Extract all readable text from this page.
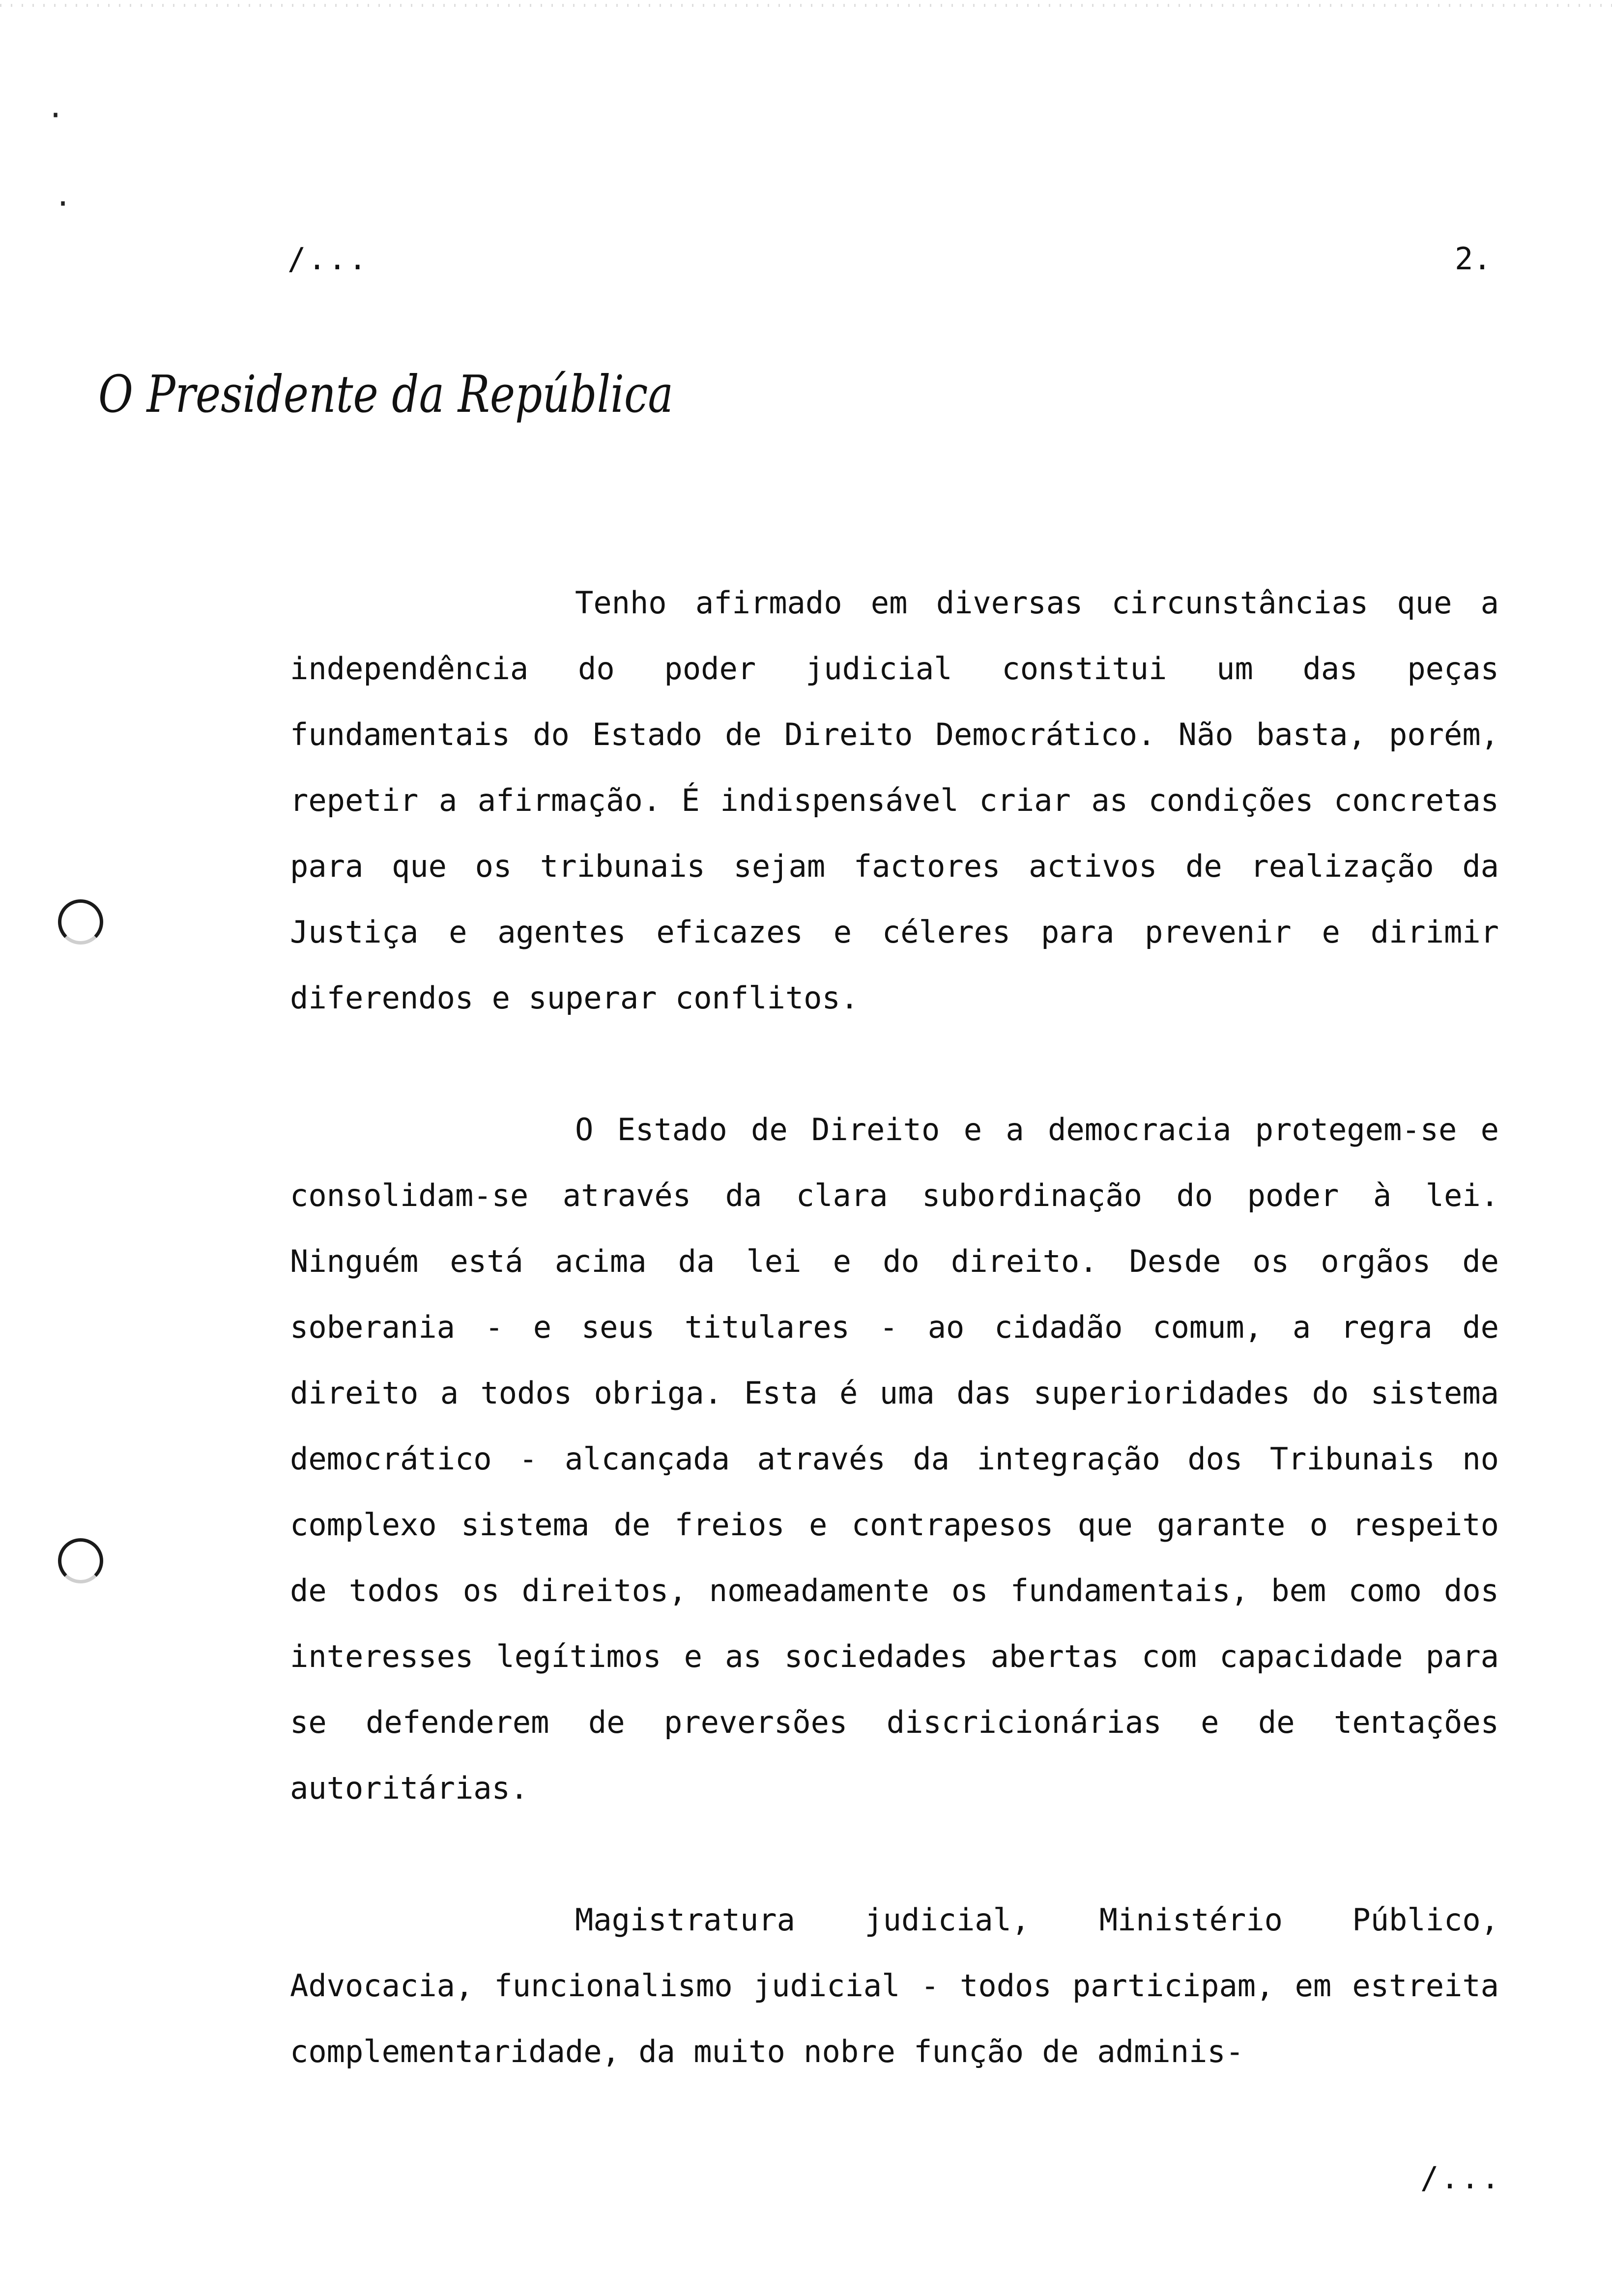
·
·
/...	2.
O Presidente da República

Tenho afirmado em diversas circunstâncias que a independência do poder judicial constitui um das peças fundamentais do Estado de Direito Democrático. Não basta, porém, repetir a afirmação. É indispensável criar as condições concretas para que os tribunais sejam factores activos de realização da Justiça e agentes eficazes e céleres para prevenir e dirimir diferendos e superar conflitos.

O Estado de Direito e a democracia protegem-se e consolidam-se através da clara subordinação do poder à lei. Ninguém está acima da lei e do direito. Desde os orgãos de soberania - e seus titulares - ao cidadão comum, a regra de direito a todos obriga. Esta é uma das superioridades do sistema democrático - alcançada através da integração dos Tribunais no complexo sistema de freios e contrapesos que garante o respeito de todos os direitos, nomeadamente os fundamentais, bem como dos interesses legítimos e as sociedades abertas com capacidade para se defenderem de preversões discricionárias e de tentações autoritárias.

Magistratura judicial, Ministério Público, Advocacia, funcionalismo judicial - todos participam, em estreita complementaridade, da muito nobre função de adminis-

/...
